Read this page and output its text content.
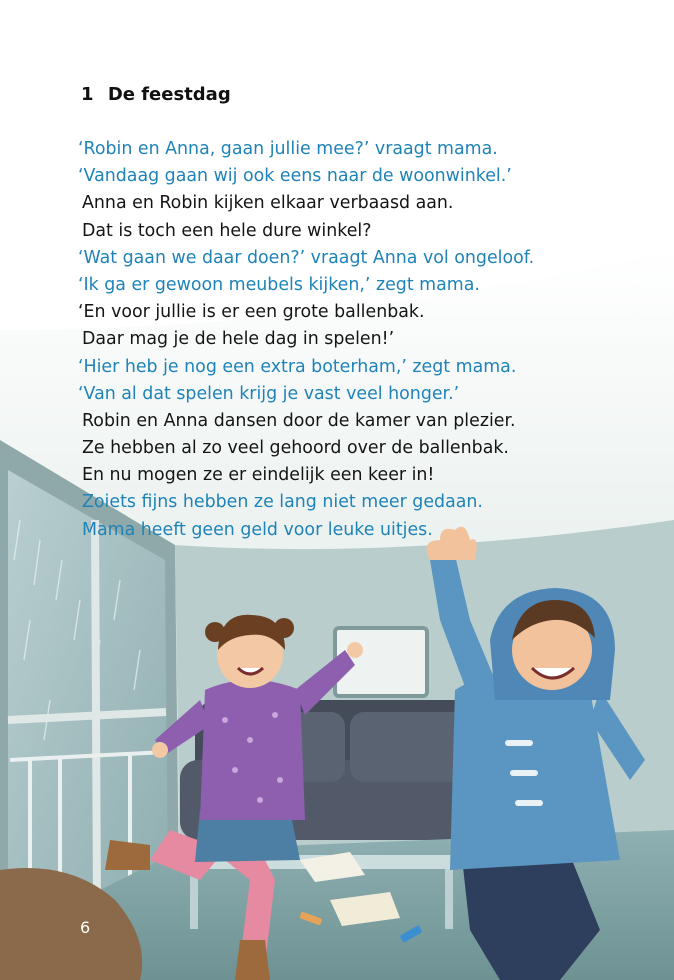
1 De feestdag
‘Robin en Anna, gaan jullie mee?’ vraagt mama.
‘Vandaag gaan wij ook eens naar de woonwinkel.’
Anna en Robin kijken elkaar verbaasd aan.
Dat is toch een hele dure winkel?
‘Wat gaan we daar doen?’ vraagt Anna vol ongeloof.
‘Ik ga er gewoon meubels kijken,’ zegt mama.
‘En voor jullie is er een grote ballenbak.
Daar mag je de hele dag in spelen!’
‘Hier heb je nog een extra boterham,’ zegt mama.
‘Van al dat spelen krijg je vast veel honger.’
Robin en Anna dansen door de kamer van plezier.
Ze hebben al zo veel gehoord over de ballenbak.
En nu mogen ze er eindelijk een keer in!
Zoiets fijns hebben ze lang niet meer gedaan.
Mama heeft geen geld voor leuke uitjes.
6
